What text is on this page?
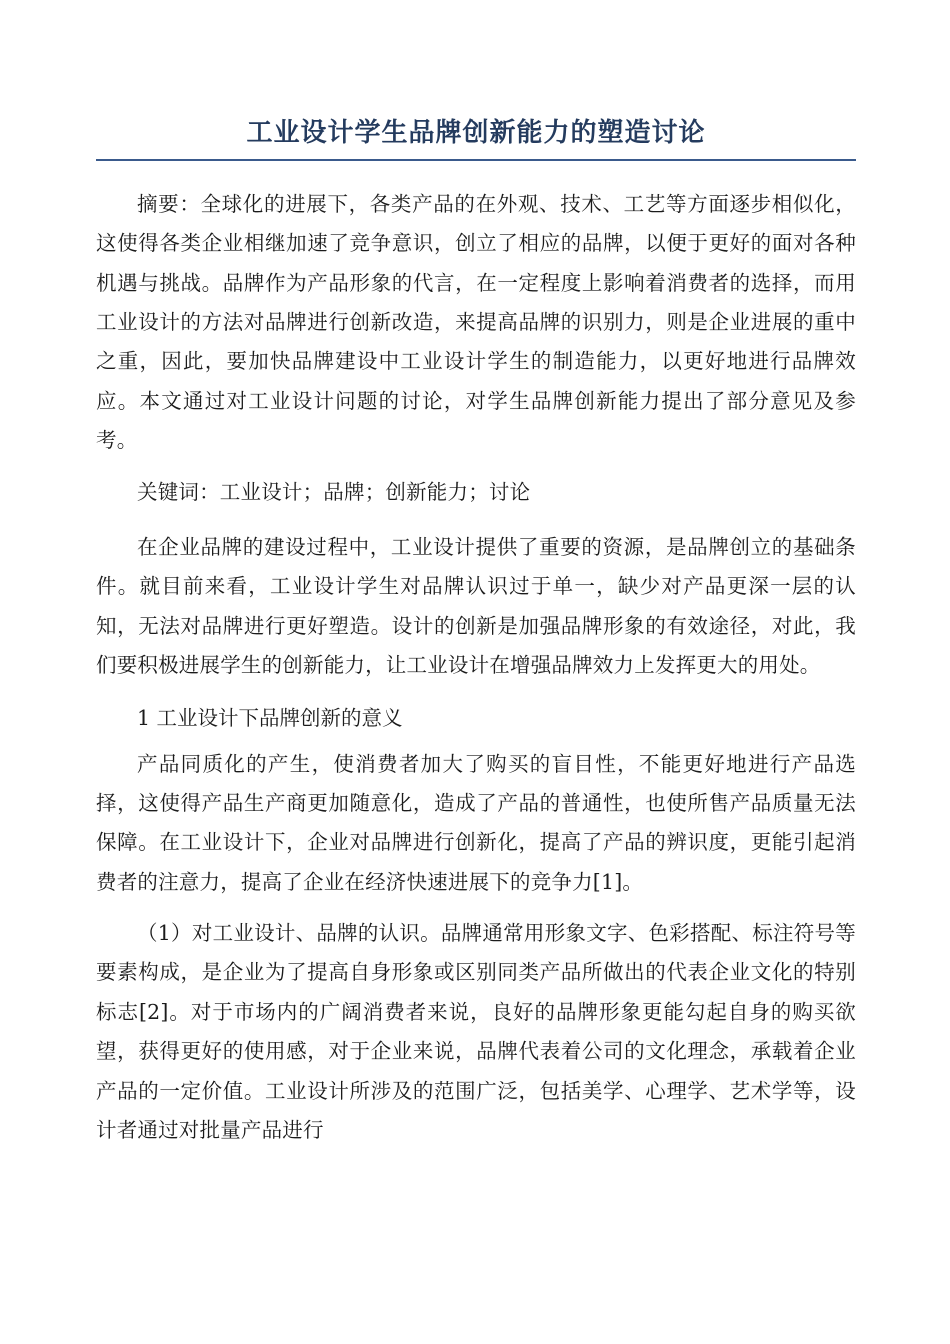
工业设计学生品牌创新能力的塑造讨论

摘要：全球化的进展下，各类产品的在外观、技术、工艺等方面逐步相似化，这使得各类企业相继加速了竞争意识，创立了相应的品牌，以便于更好的面对各种机遇与挑战。品牌作为产品形象的代言，在一定程度上影响着消费者的选择，而用工业设计的方法对品牌进行创新改造，来提高品牌的识别力，则是企业进展的重中之重，因此，要加快品牌建设中工业设计学生的制造能力，以更好地进行品牌效应。本文通过对工业设计问题的讨论，对学生品牌创新能力提出了部分意见及参考。

关键词：工业设计；品牌；创新能力；讨论

在企业品牌的建设过程中，工业设计提供了重要的资源，是品牌创立的基础条件。就目前来看，工业设计学生对品牌认识过于单一，缺少对产品更深一层的认知，无法对品牌进行更好塑造。设计的创新是加强品牌形象的有效途径，对此，我们要积极进展学生的创新能力，让工业设计在增强品牌效力上发挥更大的用处。

1 工业设计下品牌创新的意义

产品同质化的产生，使消费者加大了购买的盲目性，不能更好地进行产品选择，这使得产品生产商更加随意化，造成了产品的普通性，也使所售产品质量无法保障。在工业设计下，企业对品牌进行创新化，提高了产品的辨识度，更能引起消费者的注意力，提高了企业在经济快速进展下的竞争力[1]。

（1）对工业设计、品牌的认识。品牌通常用形象文字、色彩搭配、标注符号等要素构成，是企业为了提高自身形象或区别同类产品所做出的代表企业文化的特别标志[2]。对于市场内的广阔消费者来说，良好的品牌形象更能勾起自身的购买欲望，获得更好的使用感，对于企业来说，品牌代表着公司的文化理念，承载着企业产品的一定价值。工业设计所涉及的范围广泛，包括美学、心理学、艺术学等，设计者通过对批量产品进行
